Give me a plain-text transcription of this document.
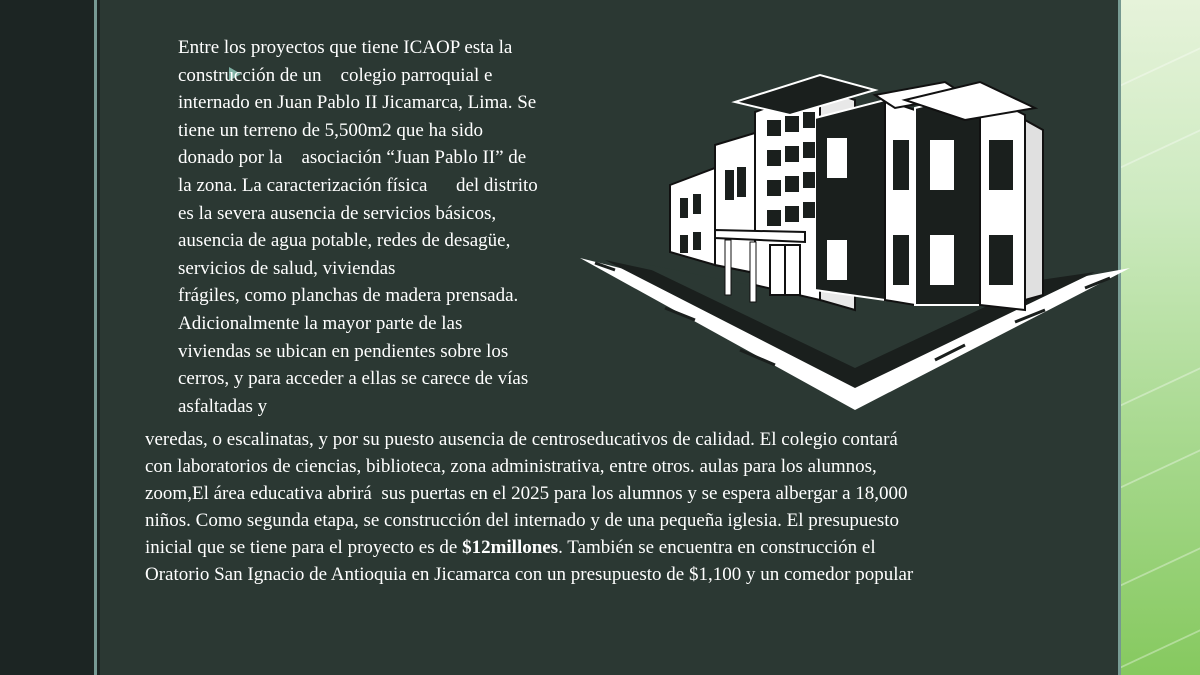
Entre los proyectos que tiene ICAOP esta la

construcción de un    colegio parroquial e

internado en Juan Pablo II Jicamarca, Lima. Se

tiene un terreno de 5,500m2 que ha sido

donado por la    asociación “Juan Pablo II” de

la zona. La caracterización física      del distrito

es la severa ausencia de servicios básicos,

ausencia de agua potable, redes de desagüe,

servicios de salud, viviendas

frágiles, como planchas de madera prensada.

Adicionalmente la mayor parte de las

viviendas se ubican en pendientes sobre los

cerros, y para acceder a ellas se carece de vías

asfaltadas y

veredas, o escalinatas, y por su puesto ausencia de centroseducativos de calidad. El colegio contará

con laboratorios de ciencias, biblioteca, zona administrativa, entre otros. aulas para los alumnos,

zoom,El área educativa abrirá  sus puertas en el 2025 para los alumnos y se espera albergar a 18,000

niños. Como segunda etapa, se construcción del internado y de una pequeña iglesia. El presupuesto

inicial que se tiene para el proyecto es de $12millones. También se encuentra en construcción el

Oratorio San Ignacio de Antioquia en Jicamarca con un presupuesto de $1,100 y un comedor popular
